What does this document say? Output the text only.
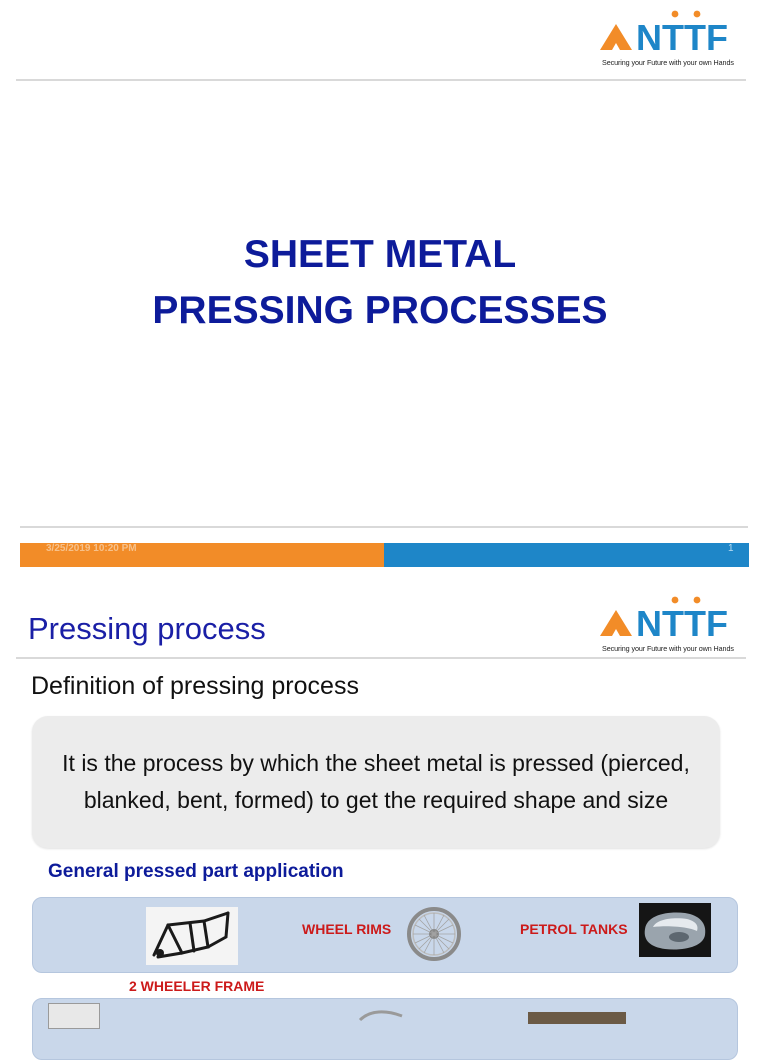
NTTF
Securing your Future with your own Hands
SHEET METAL
PRESSING PROCESSES
3/25/2019 10:20 PM	1
NTTF
Securing your Future with your own Hands
Pressing process
Definition of pressing process
It is the process by which the sheet metal is pressed (pierced, blanked, bent, formed) to get the required shape and size
General pressed part application
WHEEL RIMS	PETROL TANKS
2 WHEELER FRAME
